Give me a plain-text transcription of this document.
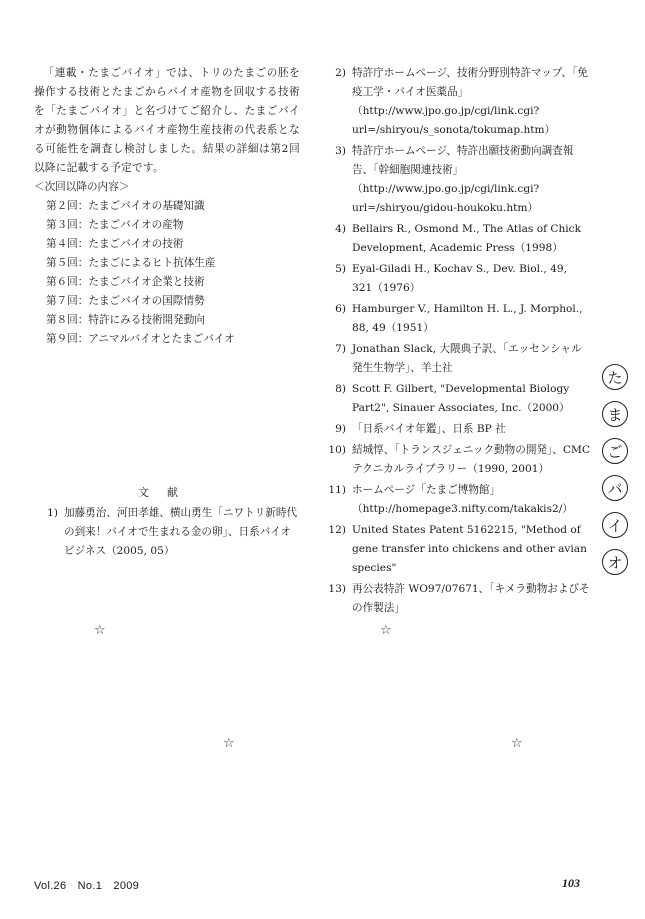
「連載・たまごバイオ」では、トリのたまごの胚を操作する技術とたまごからバイオ産物を回収する技術を「たまごバイオ」と名づけてご紹介し、たまごバイオが動物個体によるバイオ産物生産技術の代表系となる可能性を調査し検討しました。結果の詳細は第2回以降に記載する予定です。

＜次回以降の内容＞

第２回：たまごバイオの基礎知識
第３回：たまごバイオの産物
第４回：たまごバイオの技術
第５回：たまごによるヒト抗体生産
第６回：たまごバイオ企業と技術
第７回：たまごバイオの国際情勢
第８回：特許にみる技術開発動向
第９回：アニマルバイオとたまごバイオ
文献
1) 加藤勇治、河田孝雄、横山勇生「ニワトリ新時代の到来！バイオで生まれる金の卵」、日系バイオビジネス（2005, 05）
2) 特許庁ホームページ、技術分野別特許マップ、「免疫工学・バイオ医薬品」（http://www.jpo.go.jp/cgi/link.cgi?url=/shiryou/s_sonota/tokumap.htm）
3) 特許庁ホームページ、特許出願技術動向調査報告、「幹細胞関連技術」（http://www.jpo.go.jp/cgi/link.cgi?url=/shiryou/gidou-houkoku.htm）
4) Bellairs R., Osmond M., The Atlas of Chick Development, Academic Press（1998）
5) Eyal-Giladi H., Kochav S., Dev. Biol., 49, 321（1976）
6) Hamburger V., Hamilton H. L., J. Morphol., 88, 49（1951）
7) Jonathan Slack, 大隈典子訳、「エッセンシャル発生生物学」、羊土社
8) Scott F. Gilbert, "Developmental Biology Part2", Sinauer Associates, Inc.（2000）
9) 「日系バイオ年鑑」、日系 BP 社
10) 結城惇、「トランスジェニック動物の開発」、CMC テクニカルライブラリー（1990, 2001）
11) ホームページ「たまご博物館」（http://homepage3.nifty.com/takakis2/）
12) United States Patent 5162215, "Method of gene transfer into chickens and other avian species"
13) 再公表特許 WO97/07671、「キメラ動物およびその作製法」
☆	☆
☆	☆
た
ま
ご
バ
イ
オ
Vol.26　No.1　2009	103
